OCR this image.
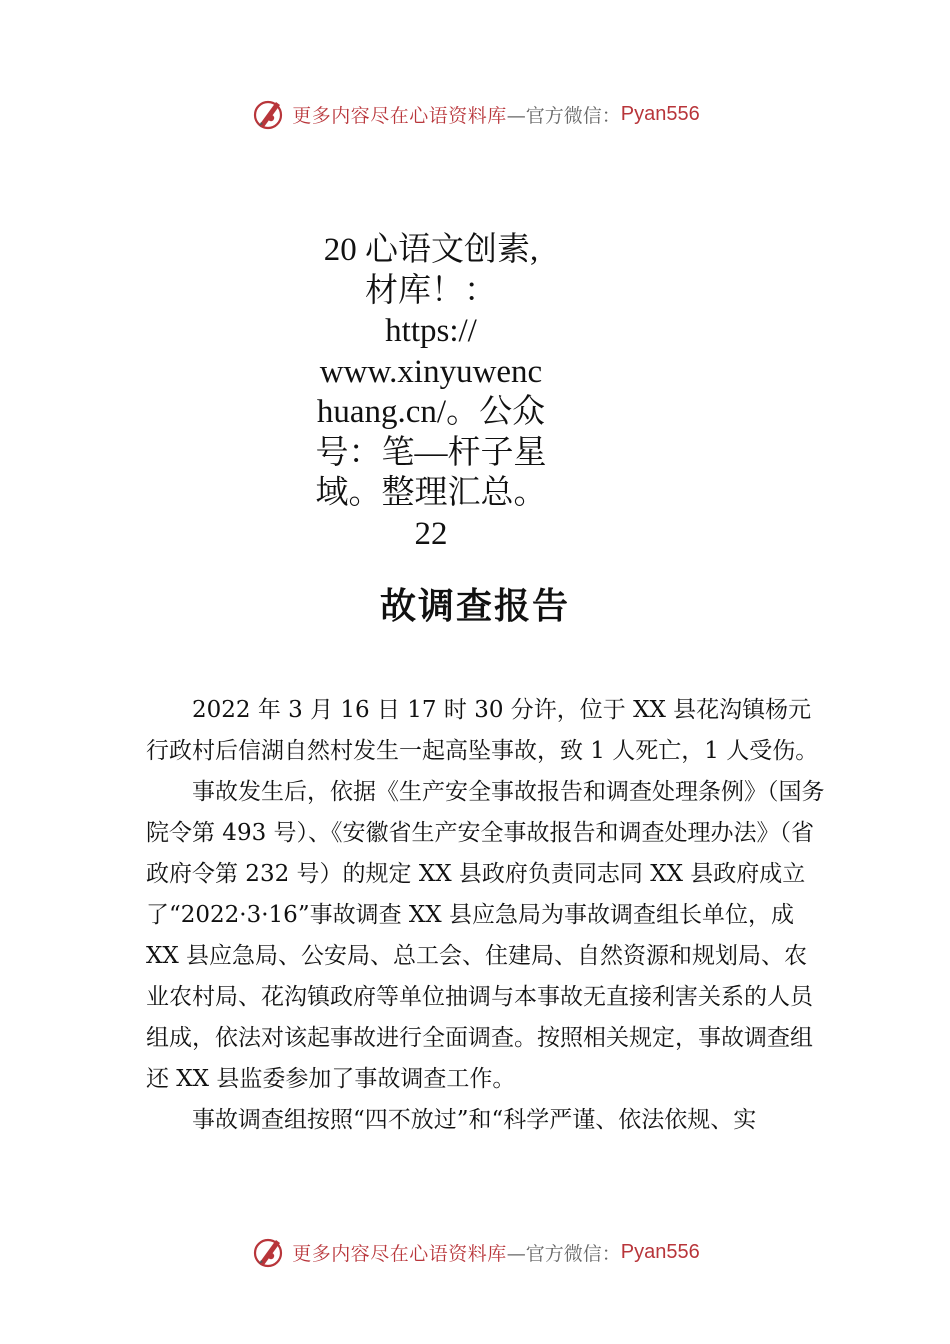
更多内容尽在心语资料库 —官方微信： Pyan556
20 心语文创素,
材库！：
https://
www.xinyuwenc
huang.cn/。公众
号：笔—杆子星
域。整理汇总。
22
故调查报告

2022 年 3 月 16 日 17 时 30 分许，位于 XX 县花沟镇杨元行政村后信湖自然村发生一起高坠事故，致 1 人死亡，1 人受伤。

事故发生后，依据《生产安全事故报告和调查处理条例》（国务院令第 493 号）、《安徽省生产安全事故报告和调查处理办法》（省政府令第 232 号）的规定 XX 县政府负责同志同 XX 县政府成立了“2022·3·16”事故调查 XX 县应急局为事故调查组长单位，成 XX 县应急局、公安局、总工会、住建局、自然资源和规划局、农业农村局、花沟镇政府等单位抽调与本事故无直接利害关系的人员组成，依法对该起事故进行全面调查。按照相关规定，事故调查组还 XX 县监委参加了事故调查工作。

事故调查组按照“四不放过”和“科学严谨、依法依规、实

更多内容尽在心语资料库 —官方微信： Pyan556
